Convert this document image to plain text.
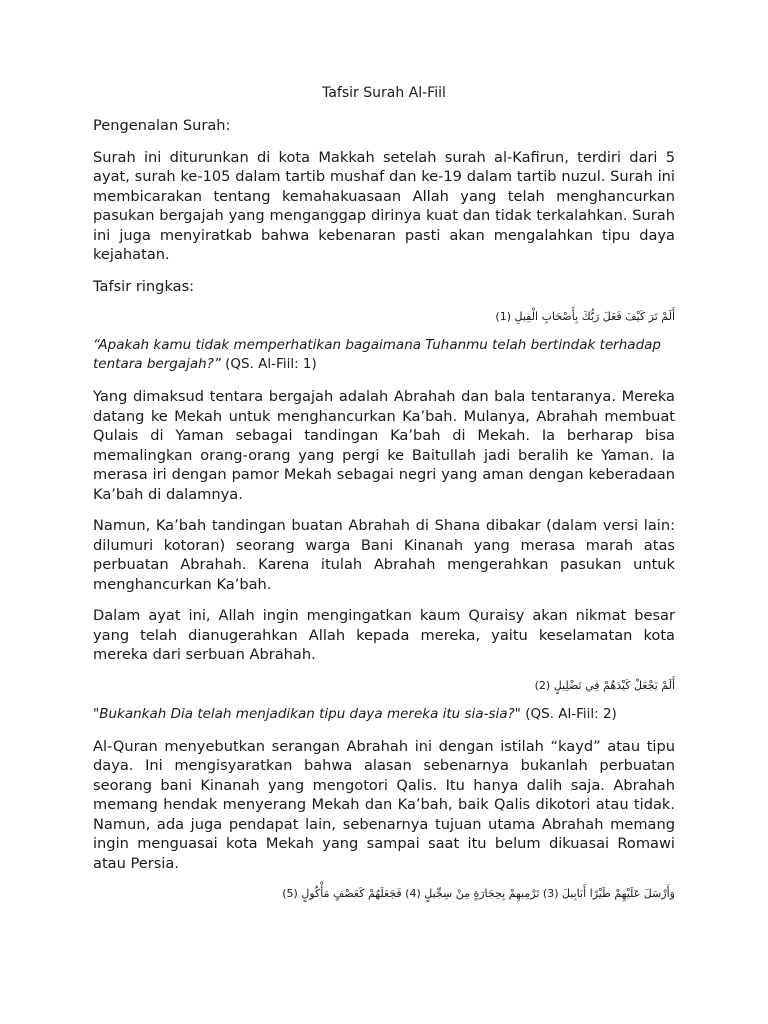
Tafsir Surah Al-Fiil

Pengenalan Surah:

Surah ini diturunkan di kota Makkah setelah surah al-Kafirun, terdiri dari 5 ayat, surah ke-105 dalam tartib mushaf dan ke-19 dalam tartib nuzul. Surah ini membicarakan tentang kemahakuasaan Allah yang telah menghancurkan pasukan bergajah yang menganggap dirinya kuat dan tidak terkalahkan. Surah ini juga menyiratkab bahwa kebenaran pasti akan mengalahkan tipu daya kejahatan.

Tafsir ringkas:

أَلَمْ تَرَ كَيْفَ فَعَلَ رَبُّكَ بِأَصْحَابِ الْفِيلِ (1)
“Apakah kamu tidak memperhatikan bagaimana Tuhanmu telah bertindak terhadap tentara bergajah?” (QS. Al-Fiil: 1)

Yang dimaksud tentara bergajah adalah Abrahah dan bala tentaranya. Mereka datang ke Mekah untuk menghancurkan Ka’bah. Mulanya, Abrahah membuat Qulais di Yaman sebagai tandingan Ka’bah di Mekah. Ia berharap bisa memalingkan orang-orang yang pergi ke Baitullah jadi beralih ke Yaman. Ia merasa iri dengan pamor Mekah sebagai negri yang aman dengan keberadaan Ka’bah di dalamnya.

Namun, Ka’bah tandingan buatan Abrahah di Shana dibakar (dalam versi lain: dilumuri kotoran) seorang warga Bani Kinanah yang merasa marah atas perbuatan Abrahah. Karena itulah Abrahah mengerahkan pasukan untuk menghancurkan Ka’bah.

Dalam ayat ini, Allah ingin mengingatkan kaum Quraisy akan nikmat besar yang telah dianugerahkan Allah kepada mereka, yaitu keselamatan kota mereka dari serbuan Abrahah.

أَلَمْ يَجْعَلْ كَيْدَهُمْ فِي تَضْلِيلٍ (2)
"Bukankah Dia telah menjadikan tipu daya mereka itu sia-sia?" (QS. Al-Fiil: 2)

Al-Quran menyebutkan serangan Abrahah ini dengan istilah “kayd” atau tipu daya. Ini mengisyaratkan bahwa alasan sebenarnya bukanlah perbuatan seorang bani Kinanah yang mengotori Qalis. Itu hanya dalih saja. Abrahah memang hendak menyerang Mekah dan Ka’bah, baik Qalis dikotori atau tidak. Namun, ada juga pendapat lain, sebenarnya tujuan utama Abrahah memang ingin menguasai kota Mekah yang sampai saat itu belum dikuasai Romawi atau Persia.

وَأَرْسَلَ عَلَيْهِمْ طَيْرًا أَبَابِيلَ (3) تَرْمِيهِمْ بِحِجَارَةٍ مِنْ سِجِّيلٍ (4) فَجَعَلَهُمْ كَعَصْفٍ مَأْكُولٍ (5)
